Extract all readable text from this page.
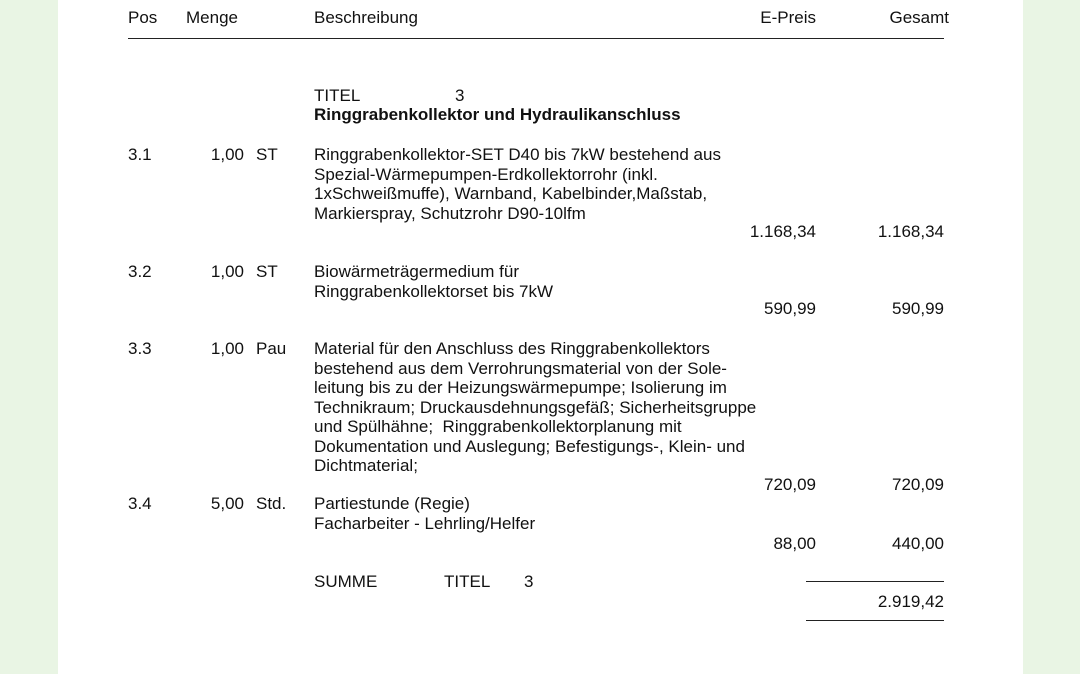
Pos Menge	Beschreibung	E-Preis	Gesamt
TITEL	3
Ringgrabenkollektor und Hydraulikanschluss
3.1	1,00 ST Ringgrabenkollektor-SET D40 bis 7kW bestehend aus
Spezial-Wärmepumpen-Erdkollektorrohr (inkl.
1xSchweißmuffe), Warnband, Kabelbinder,Maßstab,
Markierspray, Schutzrohr D90-10lfm
1.168,34	1.168,34
3.2	1,00 ST Biowärmeträgermedium für
Ringgrabenkollektorset bis 7kW
590,99	590,99
3.3	1,00 Pau Material für den Anschluss des Ringgrabenkollektors
bestehend aus dem Verrohrungsmaterial von der Sole-
leitung bis zu der Heizungswärmepumpe; Isolierung im
Technikraum; Druckausdehnungsgefäß; Sicherheitsgruppe
und Spülhähne;  Ringgrabenkollektorplanung mit
Dokumentation und Auslegung; Befestigungs-, Klein- und
Dichtmaterial;
720,09	720,09
3.4	5,00 Std. Partiestunde (Regie)
Facharbeiter - Lehrling/Helfer
88,00	440,00
SUMME	TITEL 3
2.919,42
